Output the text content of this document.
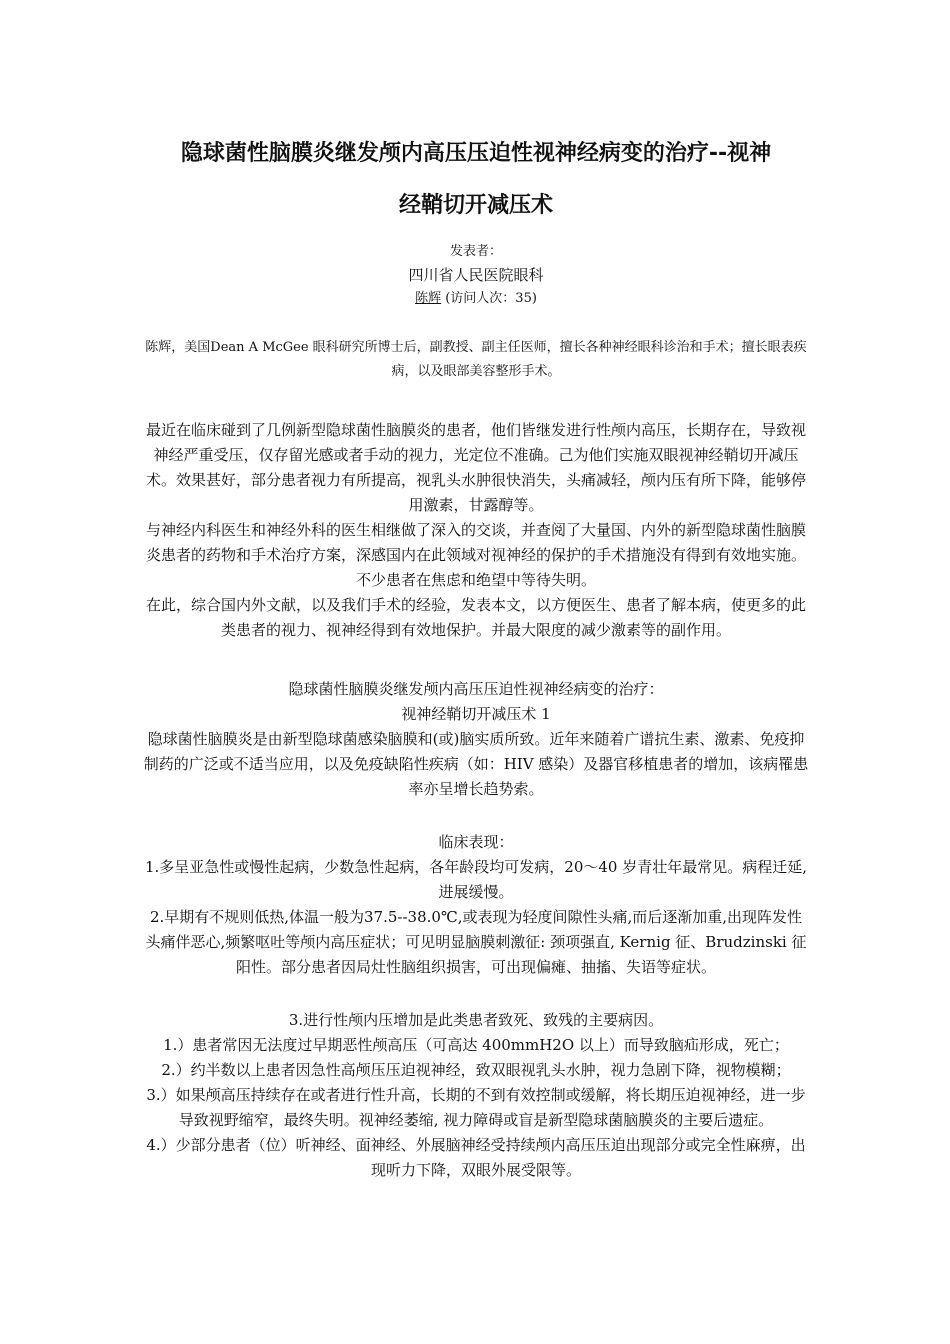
隐球菌性脑膜炎继发颅内高压压迫性视神经病变的治疗--视神
经鞘切开减压术
发表者：
四川省人民医院眼科
陈辉 (访问人次：35)

陈辉，美国Dean A McGee 眼科研究所博士后，副教授、副主任医师，擅长各种神经眼科诊治和手术；擅长眼表疾病，以及眼部美容整形手术。

最近在临床碰到了几例新型隐球菌性脑膜炎的患者，他们皆继发进行性颅内高压，长期存在，导致视神经严重受压，仅存留光感或者手动的视力，光定位不准确。己为他们实施双眼视神经鞘切开减压术。效果甚好，部分患者视力有所提高，视乳头水肿很快消失，头痛减轻，颅内压有所下降，能够停用激素，甘露醇等。

与神经内科医生和神经外科的医生相继做了深入的交谈，并查阅了大量国、内外的新型隐球菌性脑膜炎患者的药物和手术治疗方案，深感国内在此领域对视神经的保护的手术措施没有得到有效地实施。不少患者在焦虑和绝望中等待失明。

在此，综合国内外文献，以及我们手术的经验，发表本文，以方便医生、患者了解本病，使更多的此类患者的视力、视神经得到有效地保护。并最大限度的减少激素等的副作用。

隐球菌性脑膜炎继发颅内高压压迫性视神经病变的治疗：

视神经鞘切开减压术 1

隐球菌性脑膜炎是由新型隐球菌感染脑膜和(或)脑实质所致。近年来随着广谱抗生素、激素、免疫抑制药的广泛或不适当应用，以及免疫缺陷性疾病（如：HIV 感染）及器官移植患者的增加，该病罹患率亦呈增长趋势索。

临床表现：

1.多呈亚急性或慢性起病，少数急性起病，各年龄段均可发病，20～40 岁青壮年最常见。病程迁延, 进展缓慢。

2.早期有不规则低热,体温一般为37.5--38.0℃,或表现为轻度间隙性头痛,而后逐渐加重,出现阵发性头痛伴恶心,频繁呕吐等颅内高压症状；可见明显脑膜刺激征: 颈项强直, Kernig 征、Brudzinski 征阳性。部分患者因局灶性脑组织损害，可出现偏瘫、抽搐、失语等症状。

3.进行性颅内压增加是此类患者致死、致残的主要病因。

1.）患者常因无法度过早期恶性颅高压（可高达 400mmH2O 以上）而导致脑疝形成，死亡；

2.）约半数以上患者因急性高颅压压迫视神经，致双眼视乳头水肿，视力急剧下降，视物模糊；

3.）如果颅高压持续存在或者进行性升高，长期的不到有效控制或缓解，将长期压迫视神经，进一步导致视野缩窄，最终失明。视神经萎缩, 视力障碍或盲是新型隐球菌脑膜炎的主要后遗症。

4.）少部分患者（位）听神经、面神经、外展脑神经受持续颅内高压压迫出现部分或完全性麻痹，出现听力下降，双眼外展受限等。
